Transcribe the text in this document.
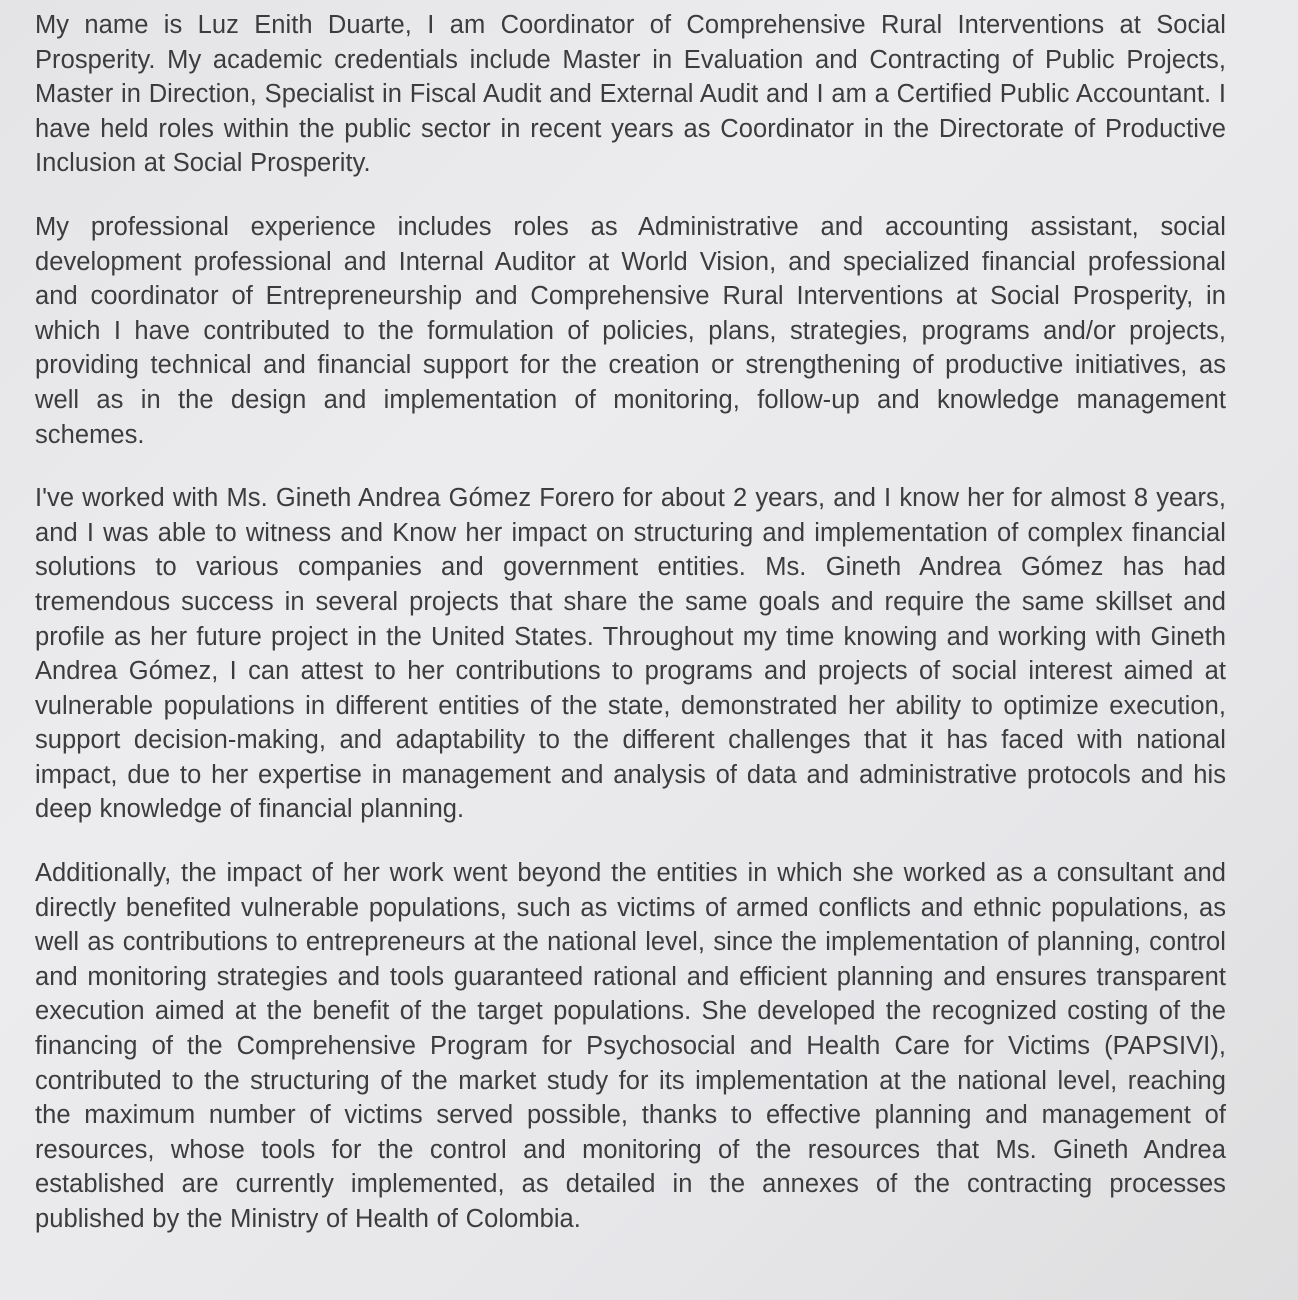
My name is Luz Enith Duarte, I am Coordinator of Comprehensive Rural Interventions at Social Prosperity. My academic credentials include Master in Evaluation and Contracting of Public Projects, Master in Direction, Specialist in Fiscal Audit and External Audit and I am a Certified Public Accountant. I have held roles within the public sector in recent years as Coordinator in the Directorate of Productive Inclusion at Social Prosperity.

My professional experience includes roles as Administrative and accounting assistant, social development professional and Internal Auditor at World Vision, and specialized financial professional and coordinator of Entrepreneurship and Comprehensive Rural Interventions at Social Prosperity, in which I have contributed to the formulation of policies, plans, strategies, programs and/or projects, providing technical and financial support for the creation or strengthening of productive initiatives, as well as in the design and implementation of monitoring, follow-up and knowledge management schemes.

I've worked with Ms. Gineth Andrea Gómez Forero for about 2 years, and I know her for almost 8 years, and I was able to witness and Know her impact on structuring and implementation of complex financial solutions to various companies and government entities. Ms. Gineth Andrea Gómez has had tremendous success in several projects that share the same goals and require the same skillset and profile as her future project in the United States. Throughout my time knowing and working with Gineth Andrea Gómez, I can attest to her contributions to programs and projects of social interest aimed at vulnerable populations in different entities of the state, demonstrated her ability to optimize execution, support decision-making, and adaptability to the different challenges that it has faced with national impact, due to her expertise in management and analysis of data and administrative protocols and his deep knowledge of financial planning.

Additionally, the impact of her work went beyond the entities in which she worked as a consultant and directly benefited vulnerable populations, such as victims of armed conflicts and ethnic populations, as well as contributions to entrepreneurs at the national level, since the implementation of planning, control and monitoring strategies and tools guaranteed rational and efficient planning and ensures transparent execution aimed at the benefit of the target populations. She developed the recognized costing of the financing of the Comprehensive Program for Psychosocial and Health Care for Victims (PAPSIVI), contributed to the structuring of the market study for its implementation at the national level, reaching the maximum number of victims served possible, thanks to effective planning and management of resources, whose tools for the control and monitoring of the resources that Ms. Gineth Andrea established are currently implemented, as detailed in the annexes of the contracting processes published by the Ministry of Health of Colombia.
